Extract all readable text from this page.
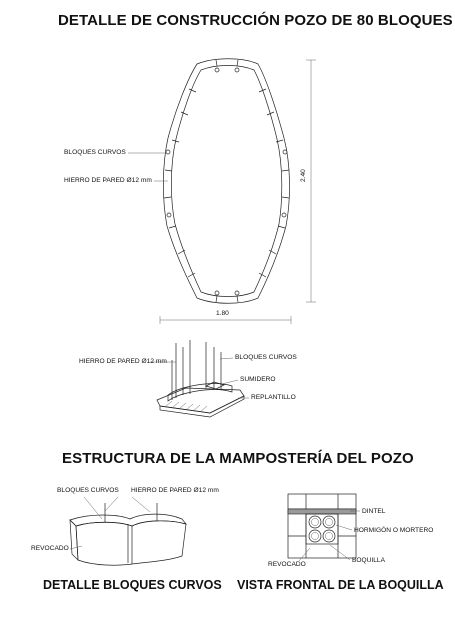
DETALLE DE CONSTRUCCIÓN POZO DE 80 BLOQUES
BLOQUES CURVOS
HIERRO DE PARED Ø12 mm	2.40
1.80
HIERRO DE PARED Ø12 mm
BLOQUES CURVOS
SUMIDERO
REPLANTILLO
ESTRUCTURA DE LA MAMPOSTERÍA DEL POZO
BLOQUES CURVOS HIERRO DE PARED Ø12 mm
REVOCADO
DETALLE BLOQUES CURVOS
DINTEL
HORMIGÓN O MORTERO
REVOCADO
BOQUILLA
VISTA FRONTAL DE LA BOQUILLA
